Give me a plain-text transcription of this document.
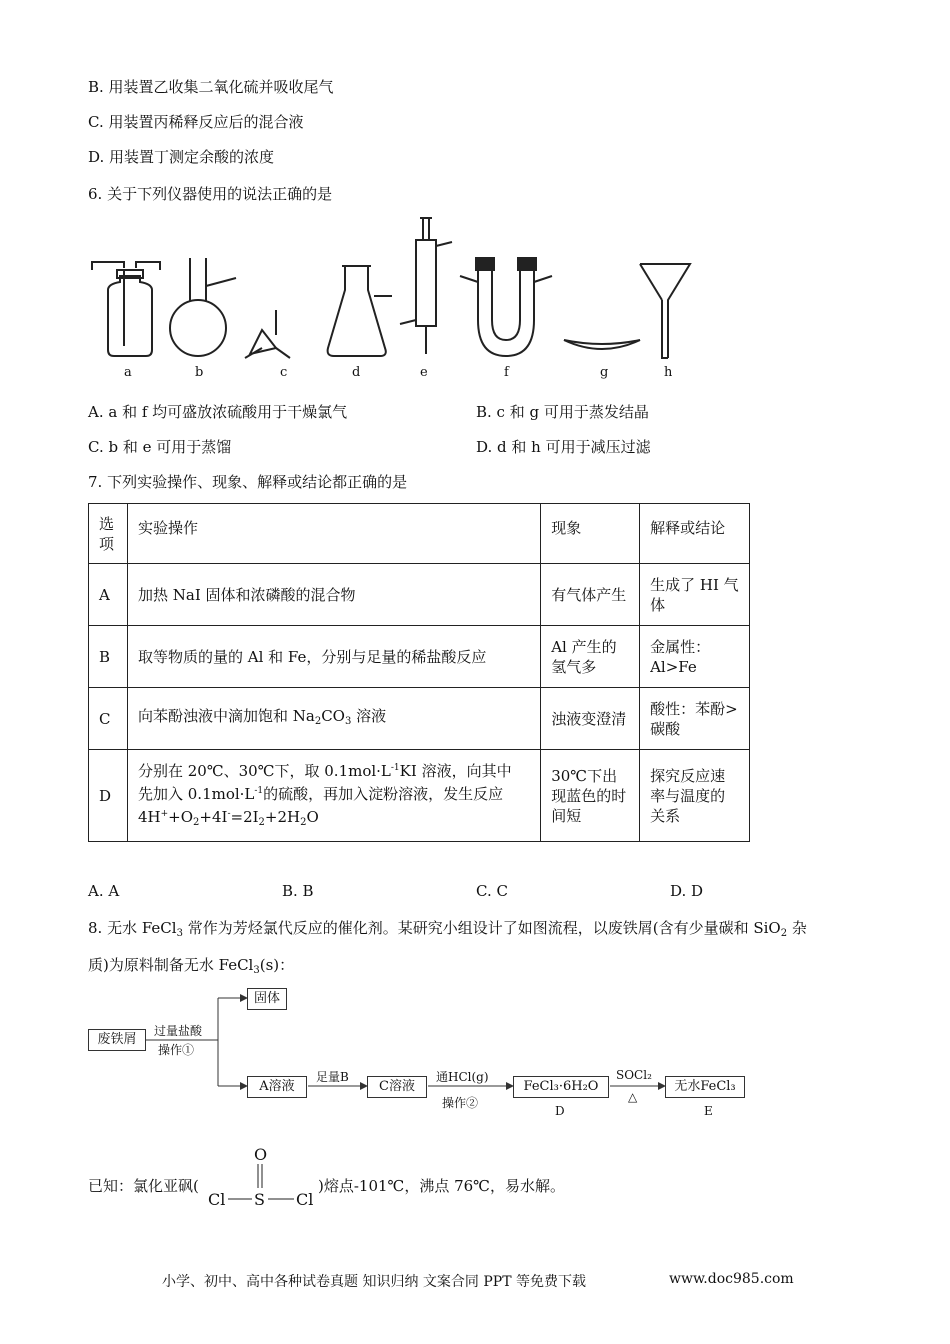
B. 用装置乙收集二氧化硫并吸收尾气
C. 用装置丙稀释反应后的混合液
D. 用装置丁测定余酸的浓度
6. 关于下列仪器使用的说法正确的是
a	b	c	d	e	f	g	h
A. a 和 f 均可盛放浓硫酸用于干燥氯气	B. c 和 g 可用于蒸发结晶
C. b 和 e 可用于蒸馏	D. d 和 h 可用于减压过滤
7. 下列实验操作、现象、解释或结论都正确的是
选项	实验操作	现象	解释或结论
A	加热 NaI 固体和浓磷酸的混合物	有气体产生	生成了 HI 气体
B	取等物质的量的 Al 和 Fe，分别与足量的稀盐酸反应	Al 产生的氢气多	金属性：Al>Fe
C	向苯酚浊液中滴加饱和 $Na_2CO_3$ 溶液	浊液变澄清	酸性：苯酚>碳酸
D	分别在 20℃、30℃下，取 $0.1mol\cdot L^{-1}KI$ 溶液，向其中
先加入 $0.1mol\cdot L^{-1}$的硫酸，再加入淀粉溶液，发生反应
$4H^++O_2+4I^-=2I_2+2H_2O$	30℃下出现蓝色的时间短	探究反应速率与温度的关系
A. A	B. B	C. C	D. D
8. 无水 FeCl$_3$ 常作为芳烃氯代反应的催化剂。某研究小组设计了如图流程，以废铁屑(含有少量碳和 SiO$_2$ 杂
质)为原料制备无水 FeCl$_3$(s)：
废铁屑
过量盐酸
操作①
固体
A溶液
足量B
C溶液
通HCl(g)
操作②
FeCl₃·6H₂O
D
SOCl₂
△
无水FeCl₃
E
已知：氯化亚砜(
O
Cl S Cl
)熔点-101℃，沸点 76℃，易水解。
小学、初中、高中各种试卷真题 知识归纳 文案合同 PPT 等免费下载	www.doc985.com
